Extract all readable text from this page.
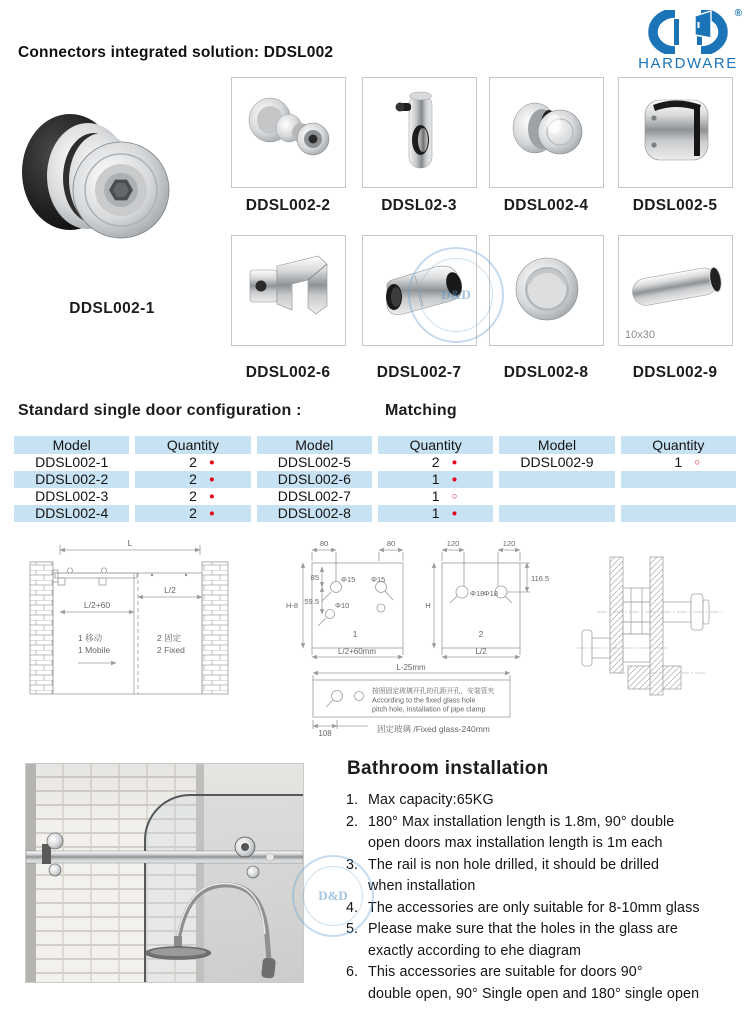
Connectors integrated solution: DDSL002
®
HARDWARE
DDSL002-1
10x30
DDSL002-2	DDSL02-3	DDSL002-4	DDSL002-5
DDSL002-6	DDSL002-7	DDSL002-8	DDSL002-9
Standard single door configuration :	Matching
Model	Quantity	Model	Quantity	Model	Quantity
DDSL002-1	2 ●	DDSL002-5	2 ●	DDSL002-9	1 ○
DDSL002-2	2 ●	DDSL002-6	1 ●
DDSL002-3	2 ●	DDSL002-7	1 ○
DDSL002-4	2 ●	DDSL002-8	1 ●
L
L/2
L/2+60
1 移动
1 Mobile
2 固定
2 Fixed
80	80
H-8
85
59.5
Φ15 Φ15
Φ10
1
L/2+60mm
120	120
116.5
H
Φ18 Φ18
2
L/2
L-25mm
按照固定玻璃开孔的孔距开孔，安装管夹
According to the fixed glass hole
pitch hole, installation of pipe clamp
108	固定玻璃 /Fixed glass-240mm
Bathroom installation
1. Max capacity:65KG
2. 180° Max installation length is 1.8m, 90° double
open doors max installation length is 1m each
3. The rail is non hole drilled, it should be drilled
when installation
4. The accessories are only suitable for 8-10mm glass
5. Please make sure that the holes in the glass are
exactly according to ehe diagram
6. This accessories are suitable for doors 90°
double open, 90° Single open and 180° single open
D&D
D&D
